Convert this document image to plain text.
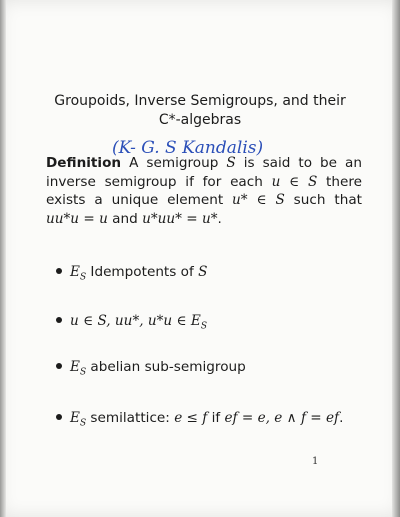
Groupoids, Inverse Semigroups, and their
C*-algebras
(K- G. S Kandalis)
Definition A semigroup S is said to be an inverse semigroup if for each u ∈ S there exists a unique element u* ∈ S such that uu*u = u and u*uu* = u*.
$E_S$ Idempotents of S
u ∈ S, uu*, u*u ∈ $E_S$
$E_S$ abelian sub-semigroup
$E_S$ semilattice: e ≤ f if ef = e, e ∧ f = ef.
1
